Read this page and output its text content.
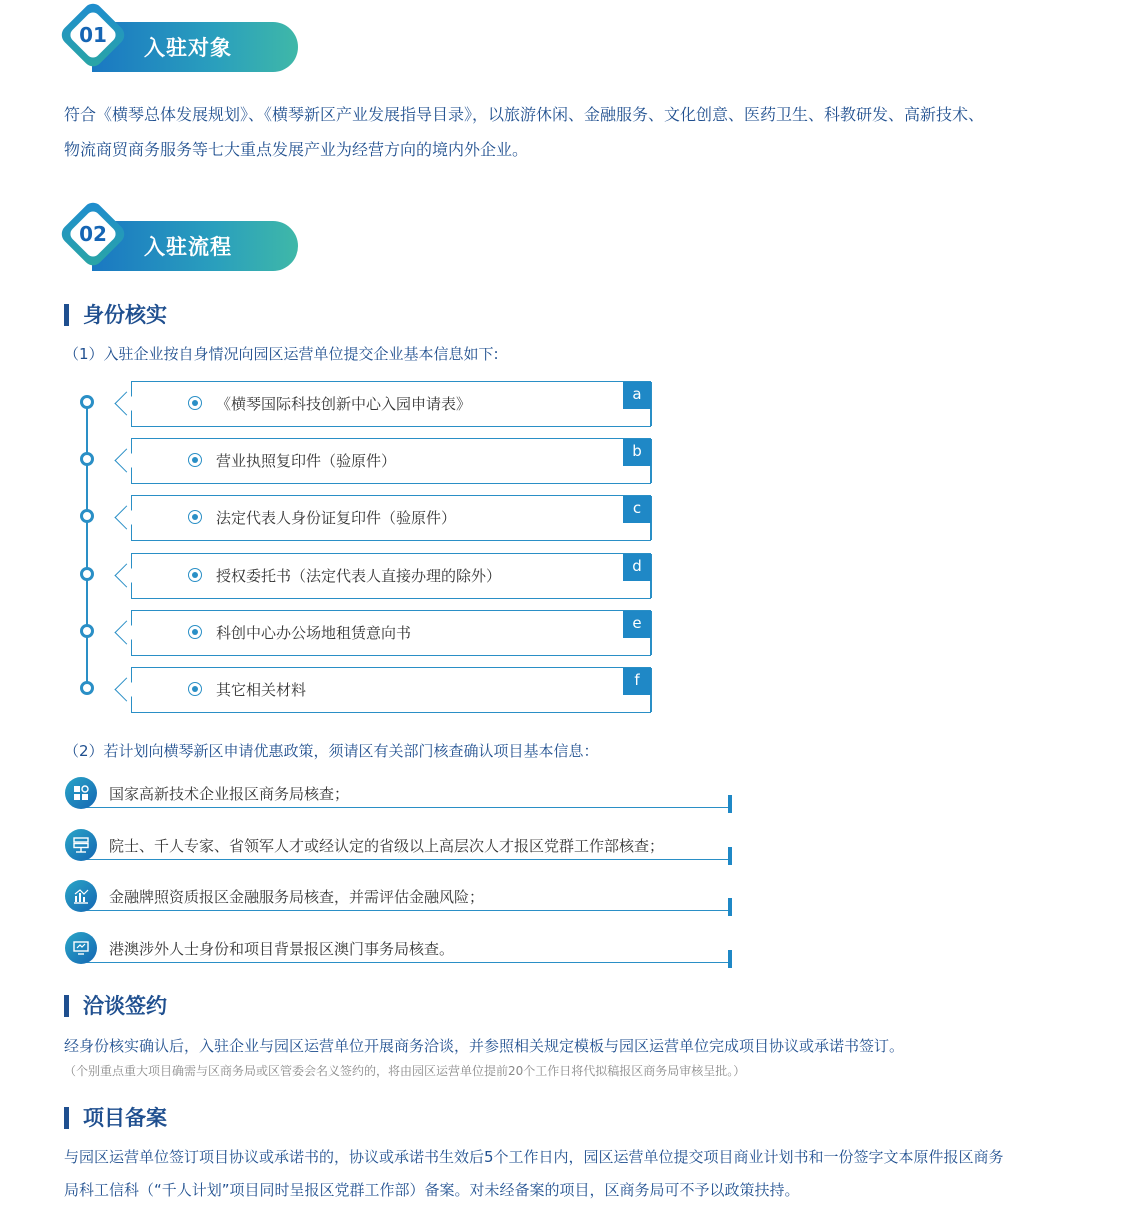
01
入驻对象
符合《横琴总体发展规划》、《横琴新区产业发展指导目录》，以旅游休闲、金融服务、文化创意、医药卫生、科教研发、高新技术、
物流商贸商务服务等七大重点发展产业为经营方向的境内外企业。
02
入驻流程
身份核实
（1）入驻企业按自身情况向园区运营单位提交企业基本信息如下:
《横琴国际科技创新中心入园申请表》
a
营业执照复印件（验原件）
b
法定代表人身份证复印件（验原件）
c
授权委托书（法定代表人直接办理的除外）
d
科创中心办公场地租赁意向书
e
其它相关材料
f
（2）若计划向横琴新区申请优惠政策，须请区有关部门核查确认项目基本信息：
国家高新技术企业报区商务局核查；
院士、千人专家、省领军人才或经认定的省级以上高层次人才报区党群工作部核查；
金融牌照资质报区金融服务局核查，并需评估金融风险；
港澳涉外人士身份和项目背景报区澳门事务局核查。
洽谈签约
经身份核实确认后，入驻企业与园区运营单位开展商务洽谈，并参照相关规定模板与园区运营单位完成项目协议或承诺书签订。
（个别重点重大项目确需与区商务局或区管委会名义签约的，将由园区运营单位提前20个工作日将代拟稿报区商务局审核呈批。）
项目备案
与园区运营单位签订项目协议或承诺书的，协议或承诺书生效后5个工作日内，园区运营单位提交项目商业计划书和一份签字文本原件报区商务
局科工信科（“千人计划”项目同时呈报区党群工作部）备案。对未经备案的项目，区商务局可不予以政策扶持。
